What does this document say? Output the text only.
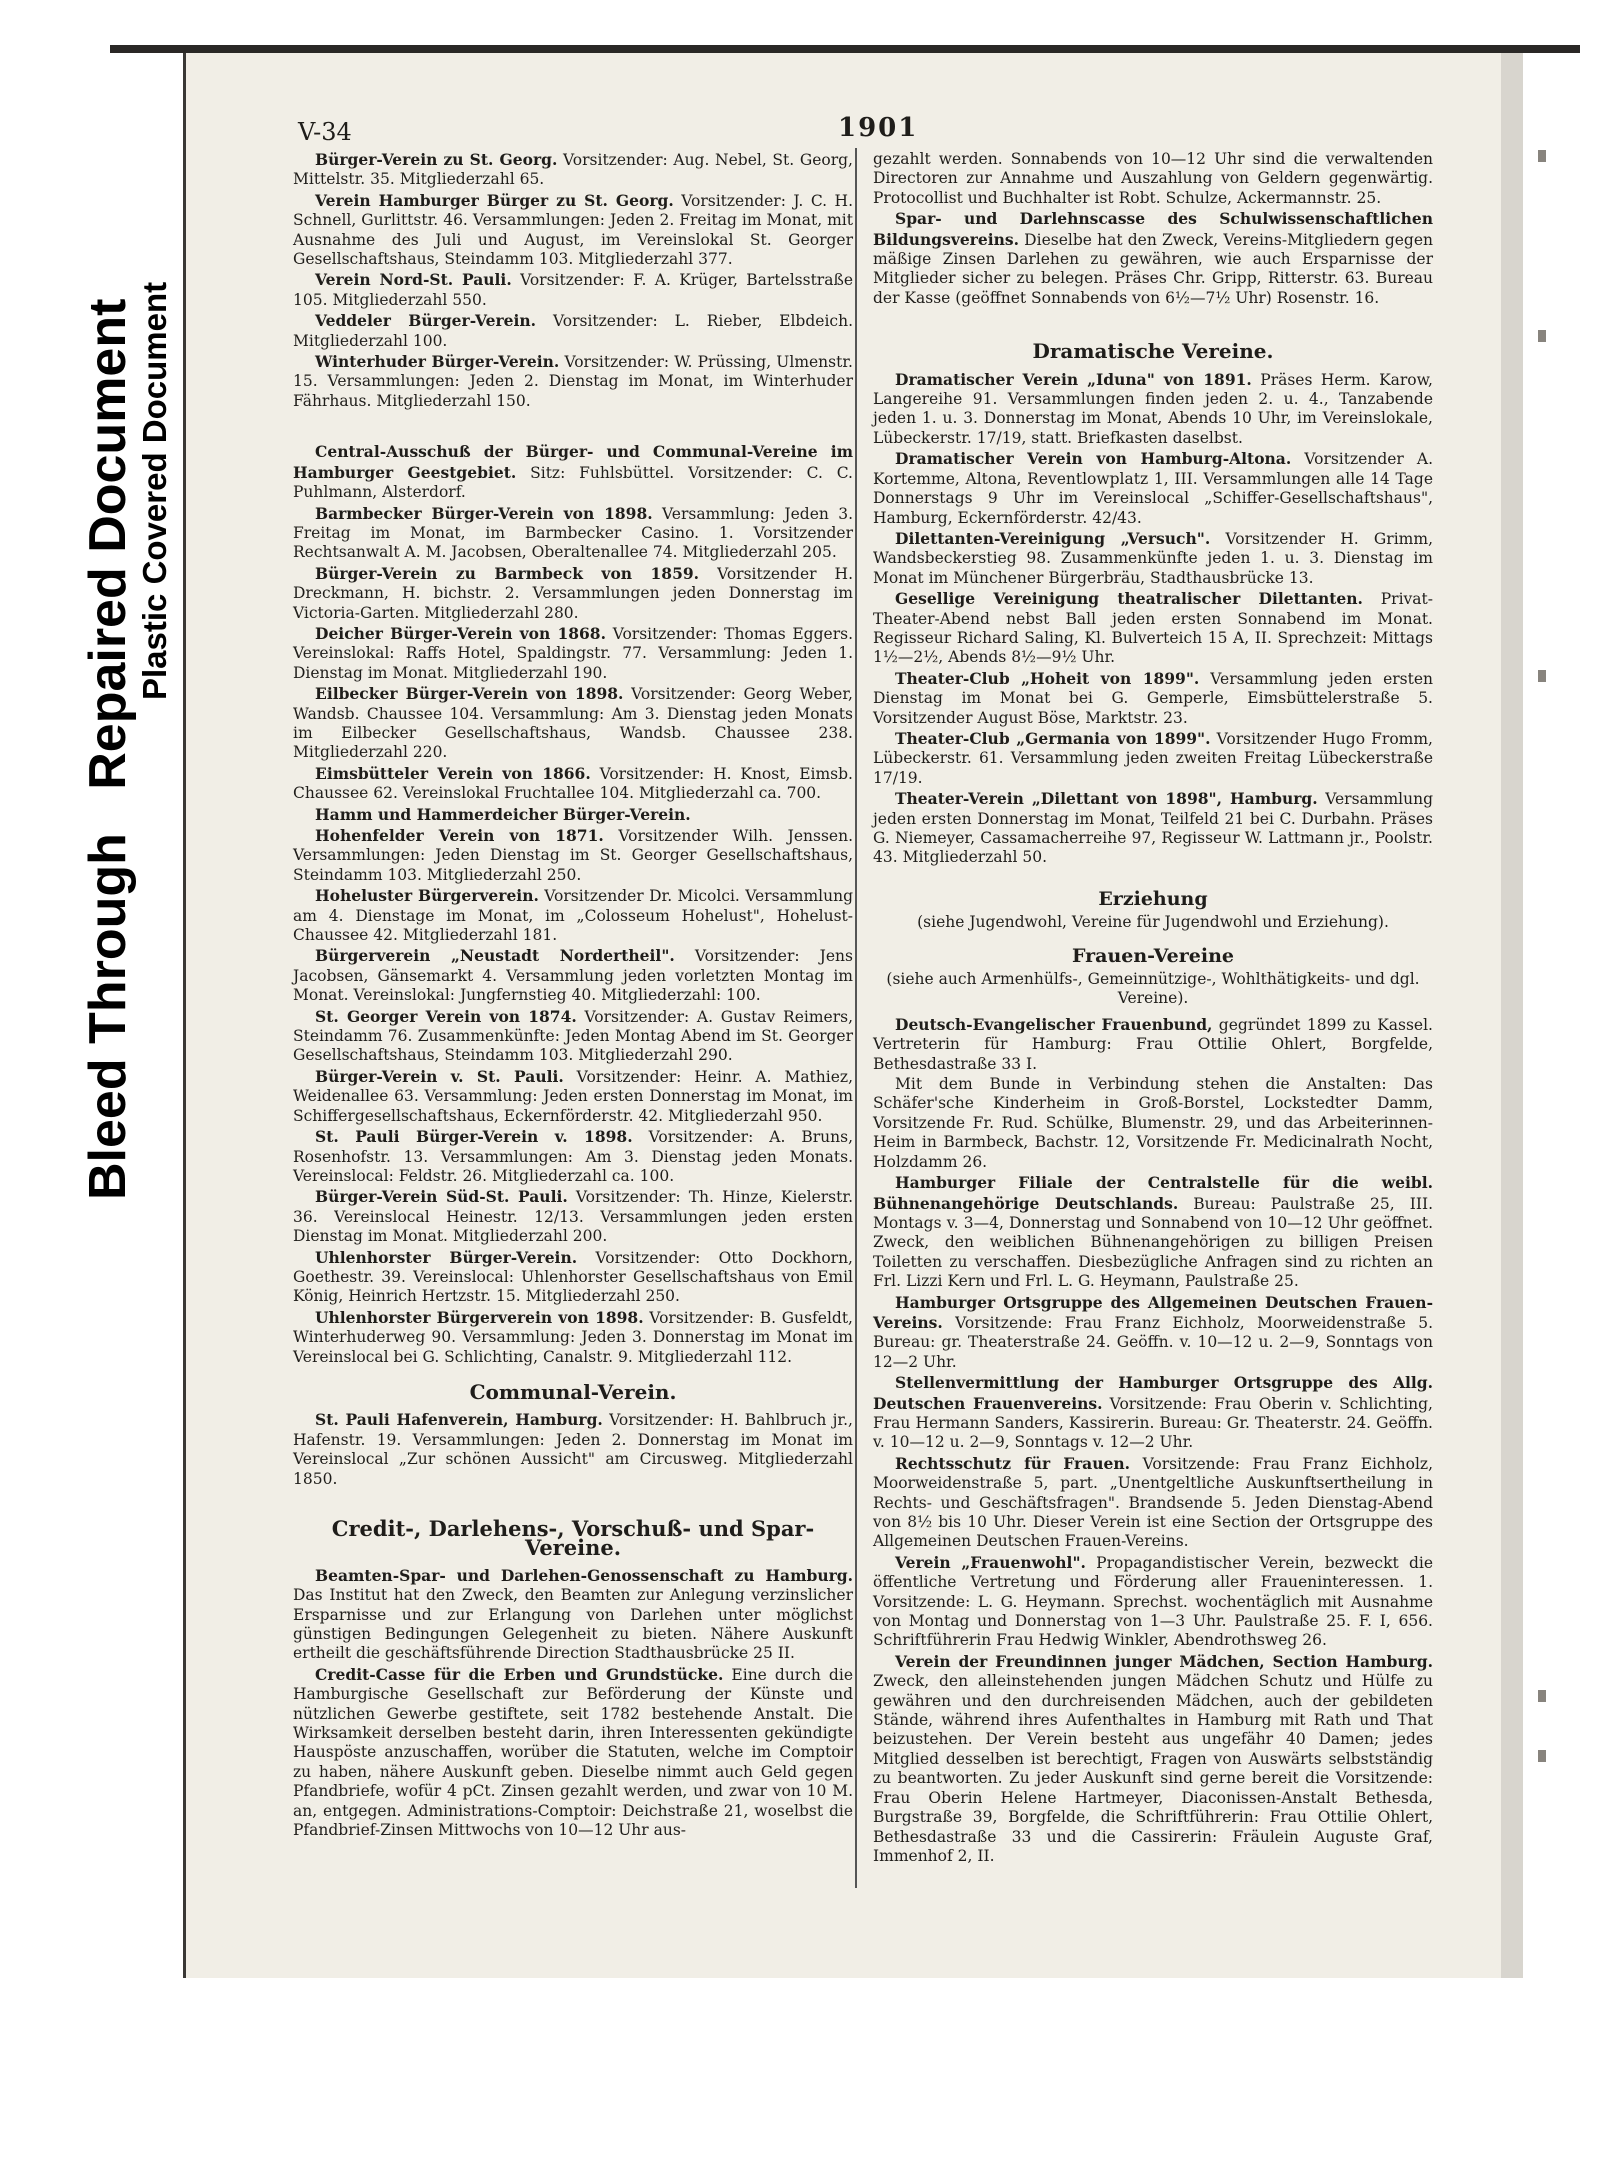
Bleed Through   Repaired Document Plastic Covered Document
V-34	1901

Bürger-Verein zu St. Georg. Vorsitzender: Aug. Nebel, St. Georg, Mittelstr. 35. Mitgliederzahl 65.

Verein Hamburger Bürger zu St. Georg. Vorsitzender: J. C. H. Schnell, Gurlittstr. 46. Versammlungen: Jeden 2. Freitag im Monat, mit Ausnahme des Juli und August, im Vereinslokal St. Georger Gesellschaftshaus, Steindamm 103. Mitgliederzahl 377.

Verein Nord-St. Pauli. Vorsitzender: F. A. Krüger, Bartelsstraße 105. Mitgliederzahl 550.

Veddeler Bürger-Verein. Vorsitzender: L. Rieber, Elbdeich. Mitgliederzahl 100.

Winterhuder Bürger-Verein. Vorsitzender: W. Prüssing, Ulmenstr. 15. Versammlungen: Jeden 2. Dienstag im Monat, im Winterhuder Fährhaus. Mitgliederzahl 150.

Central-Ausschuß der Bürger- und Communal-Vereine im Hamburger Geestgebiet. Sitz: Fuhlsbüttel. Vorsitzender: C. C. Puhlmann, Alsterdorf.

Barmbecker Bürger-Verein von 1898. Versammlung: Jeden 3. Freitag im Monat, im Barmbecker Casino. 1. Vorsitzender Rechtsanwalt A. M. Jacobsen, Oberaltenallee 74. Mitgliederzahl 205.

Bürger-Verein zu Barmbeck von 1859. Vorsitzender H. Dreckmann, H. bichstr. 2. Versammlungen jeden Donnerstag im Victoria-Garten. Mitgliederzahl 280.

Deicher Bürger-Verein von 1868. Vorsitzender: Thomas Eggers. Vereinslokal: Raffs Hotel, Spaldingstr. 77. Versammlung: Jeden 1. Dienstag im Monat. Mitgliederzahl 190.

Eilbecker Bürger-Verein von 1898. Vorsitzender: Georg Weber, Wandsb. Chaussee 104. Versammlung: Am 3. Dienstag jeden Monats im Eilbecker Gesellschaftshaus, Wandsb. Chaussee 238. Mitgliederzahl 220.

Eimsbütteler Verein von 1866. Vorsitzender: H. Knost, Eimsb. Chaussee 62. Vereinslokal Fruchtallee 104. Mitgliederzahl ca. 700.

Hamm und Hammerdeicher Bürger-Verein.

Hohenfelder Verein von 1871. Vorsitzender Wilh. Jenssen. Versammlungen: Jeden Dienstag im St. Georger Gesellschaftshaus, Steindamm 103. Mitgliederzahl 250.

Hoheluster Bürgerverein. Vorsitzender Dr. Micolci. Versammlung am 4. Dienstage im Monat, im „Colosseum Hohelust", Hohelust-Chaussee 42. Mitgliederzahl 181.

Bürgerverein „Neustadt Nordertheil". Vorsitzender: Jens Jacobsen, Gänsemarkt 4. Versammlung jeden vorletzten Montag im Monat. Vereinslokal: Jungfernstieg 40. Mitgliederzahl: 100.

St. Georger Verein von 1874. Vorsitzender: A. Gustav Reimers, Steindamm 76. Zusammenkünfte: Jeden Montag Abend im St. Georger Gesellschaftshaus, Steindamm 103. Mitgliederzahl 290.

Bürger-Verein v. St. Pauli. Vorsitzender: Heinr. A. Mathiez, Weidenallee 63. Versammlung: Jeden ersten Donnerstag im Monat, im Schiffergesellschaftshaus, Eckernförderstr. 42. Mitgliederzahl 950.

St. Pauli Bürger-Verein v. 1898. Vorsitzender: A. Bruns, Rosenhofstr. 13. Versammlungen: Am 3. Dienstag jeden Monats. Vereinslocal: Feldstr. 26. Mitgliederzahl ca. 100.

Bürger-Verein Süd-St. Pauli. Vorsitzender: Th. Hinze, Kielerstr. 36. Vereinslocal Heinestr. 12/13. Versammlungen jeden ersten Dienstag im Monat. Mitgliederzahl 200.

Uhlenhorster Bürger-Verein. Vorsitzender: Otto Dockhorn, Goethestr. 39. Vereinslocal: Uhlenhorster Gesellschaftshaus von Emil König, Heinrich Hertzstr. 15. Mitgliederzahl 250.

Uhlenhorster Bürgerverein von 1898. Vorsitzender: B. Gusfeldt, Winterhuderweg 90. Versammlung: Jeden 3. Donnerstag im Monat im Vereinslocal bei G. Schlichting, Canalstr. 9. Mitgliederzahl 112.

Communal-Verein.

St. Pauli Hafenverein, Hamburg. Vorsitzender: H. Bahlbruch jr., Hafenstr. 19. Versammlungen: Jeden 2. Donnerstag im Monat im Vereinslocal „Zur schönen Aussicht" am Circusweg. Mitgliederzahl 1850.

Credit-, Darlehens-, Vorschuß- und Spar-Vereine.

Beamten-Spar- und Darlehen-Genossenschaft zu Hamburg. Das Institut hat den Zweck, den Beamten zur Anlegung verzinslicher Ersparnisse und zur Erlangung von Darlehen unter möglichst günstigen Bedingungen Gelegenheit zu bieten. Nähere Auskunft ertheilt die geschäftsführende Direction Stadthausbrücke 25 II.

Credit-Casse für die Erben und Grundstücke. Eine durch die Hamburgische Gesellschaft zur Beförderung der Künste und nützlichen Gewerbe gestiftete, seit 1782 bestehende Anstalt. Die Wirksamkeit derselben besteht darin, ihren Interessenten gekündigte Hauspöste anzuschaffen, worüber die Statuten, welche im Comptoir zu haben, nähere Auskunft geben. Dieselbe nimmt auch Geld gegen Pfandbriefe, wofür 4 pCt. Zinsen gezahlt werden, und zwar von 10 M. an, entgegen. Administrations-Comptoir: Deichstraße 21, woselbst die Pfandbrief-Zinsen Mittwochs von 10—12 Uhr aus-

gezahlt werden. Sonnabends von 10—12 Uhr sind die verwaltenden Directoren zur Annahme und Auszahlung von Geldern gegenwärtig. Protocollist und Buchhalter ist Robt. Schulze, Ackermannstr. 25.

Spar- und Darlehnscasse des Schulwissenschaftlichen Bildungsvereins. Dieselbe hat den Zweck, Vereins-Mitgliedern gegen mäßige Zinsen Darlehen zu gewähren, wie auch Ersparnisse der Mitglieder sicher zu belegen. Präses Chr. Gripp, Ritterstr. 63. Bureau der Kasse (geöffnet Sonnabends von 6½—7½ Uhr) Rosenstr. 16.

Dramatische Vereine.

Dramatischer Verein „Iduna" von 1891. Präses Herm. Karow, Langereihe 91. Versammlungen finden jeden 2. u. 4., Tanzabende jeden 1. u. 3. Donnerstag im Monat, Abends 10 Uhr, im Vereinslokale, Lübeckerstr. 17/19, statt. Briefkasten daselbst.

Dramatischer Verein von Hamburg-Altona. Vorsitzender A. Kortemme, Altona, Reventlowplatz 1, III. Versammlungen alle 14 Tage Donnerstags 9 Uhr im Vereinslocal „Schiffer-Gesellschaftshaus", Hamburg, Eckernförderstr. 42/43.

Dilettanten-Vereinigung „Versuch". Vorsitzender H. Grimm, Wandsbeckerstieg 98. Zusammenkünfte jeden 1. u. 3. Dienstag im Monat im Münchener Bürgerbräu, Stadthausbrücke 13.

Gesellige Vereinigung theatralischer Dilettanten. Privat-Theater-Abend nebst Ball jeden ersten Sonnabend im Monat. Regisseur Richard Saling, Kl. Bulverteich 15 A, II. Sprechzeit: Mittags 1½—2½, Abends 8½—9½ Uhr.

Theater-Club „Hoheit von 1899". Versammlung jeden ersten Dienstag im Monat bei G. Gemperle, Eimsbüttelerstraße 5. Vorsitzender August Böse, Marktstr. 23.

Theater-Club „Germania von 1899". Vorsitzender Hugo Fromm, Lübeckerstr. 61. Versammlung jeden zweiten Freitag Lübeckerstraße 17/19.

Theater-Verein „Dilettant von 1898", Hamburg. Versammlung jeden ersten Donnerstag im Monat, Teilfeld 21 bei C. Durbahn. Präses G. Niemeyer, Cassamacherreihe 97, Regisseur W. Lattmann jr., Poolstr. 43. Mitgliederzahl 50.

Erziehung

(siehe Jugendwohl, Vereine für Jugendwohl und Erziehung).

Frauen-Vereine

(siehe auch Armenhülfs-, Gemeinnützige-, Wohlthätigkeits- und dgl. Vereine).

Deutsch-Evangelischer Frauenbund, gegründet 1899 zu Kassel. Vertreterin für Hamburg: Frau Ottilie Ohlert, Borgfelde, Bethesdastraße 33 I.

Mit dem Bunde in Verbindung stehen die Anstalten: Das Schäfer'sche Kinderheim in Groß-Borstel, Lockstedter Damm, Vorsitzende Fr. Rud. Schülke, Blumenstr. 29, und das Arbeiterinnen-Heim in Barmbeck, Bachstr. 12, Vorsitzende Fr. Medicinalrath Nocht, Holzdamm 26.

Hamburger Filiale der Centralstelle für die weibl. Bühnenangehörige Deutschlands. Bureau: Paulstraße 25, III. Montags v. 3—4, Donnerstag und Sonnabend von 10—12 Uhr geöffnet. Zweck, den weiblichen Bühnenangehörigen zu billigen Preisen Toiletten zu verschaffen. Diesbezügliche Anfragen sind zu richten an Frl. Lizzi Kern und Frl. L. G. Heymann, Paulstraße 25.

Hamburger Ortsgruppe des Allgemeinen Deutschen Frauen-Vereins. Vorsitzende: Frau Franz Eichholz, Moorweidenstraße 5. Bureau: gr. Theaterstraße 24. Geöffn. v. 10—12 u. 2—9, Sonntags von 12—2 Uhr.

Stellenvermittlung der Hamburger Ortsgruppe des Allg. Deutschen Frauenvereins. Vorsitzende: Frau Oberin v. Schlichting, Frau Hermann Sanders, Kassirerin. Bureau: Gr. Theaterstr. 24. Geöffn. v. 10—12 u. 2—9, Sonntags v. 12—2 Uhr.

Rechtsschutz für Frauen. Vorsitzende: Frau Franz Eichholz, Moorweidenstraße 5, part. „Unentgeltliche Auskunftsertheilung in Rechts- und Geschäftsfragen". Brandsende 5. Jeden Dienstag-Abend von 8½ bis 10 Uhr. Dieser Verein ist eine Section der Ortsgruppe des Allgemeinen Deutschen Frauen-Vereins.

Verein „Frauenwohl". Propagandistischer Verein, bezweckt die öffentliche Vertretung und Förderung aller Fraueninteressen. 1. Vorsitzende: L. G. Heymann. Sprechst. wochentäglich mit Ausnahme von Montag und Donnerstag von 1—3 Uhr. Paulstraße 25. F. I, 656. Schriftführerin Frau Hedwig Winkler, Abendrothsweg 26.

Verein der Freundinnen junger Mädchen, Section Hamburg. Zweck, den alleinstehenden jungen Mädchen Schutz und Hülfe zu gewähren und den durchreisenden Mädchen, auch der gebildeten Stände, während ihres Aufenthaltes in Hamburg mit Rath und That beizustehen. Der Verein besteht aus ungefähr 40 Damen; jedes Mitglied desselben ist berechtigt, Fragen von Auswärts selbstständig zu beantworten. Zu jeder Auskunft sind gerne bereit die Vorsitzende: Frau Oberin Helene Hartmeyer, Diaconissen-Anstalt Bethesda, Burgstraße 39, Borgfelde, die Schriftführerin: Frau Ottilie Ohlert, Bethesdastraße 33 und die Cassirerin: Fräulein Auguste Graf, Immenhof 2, II.
